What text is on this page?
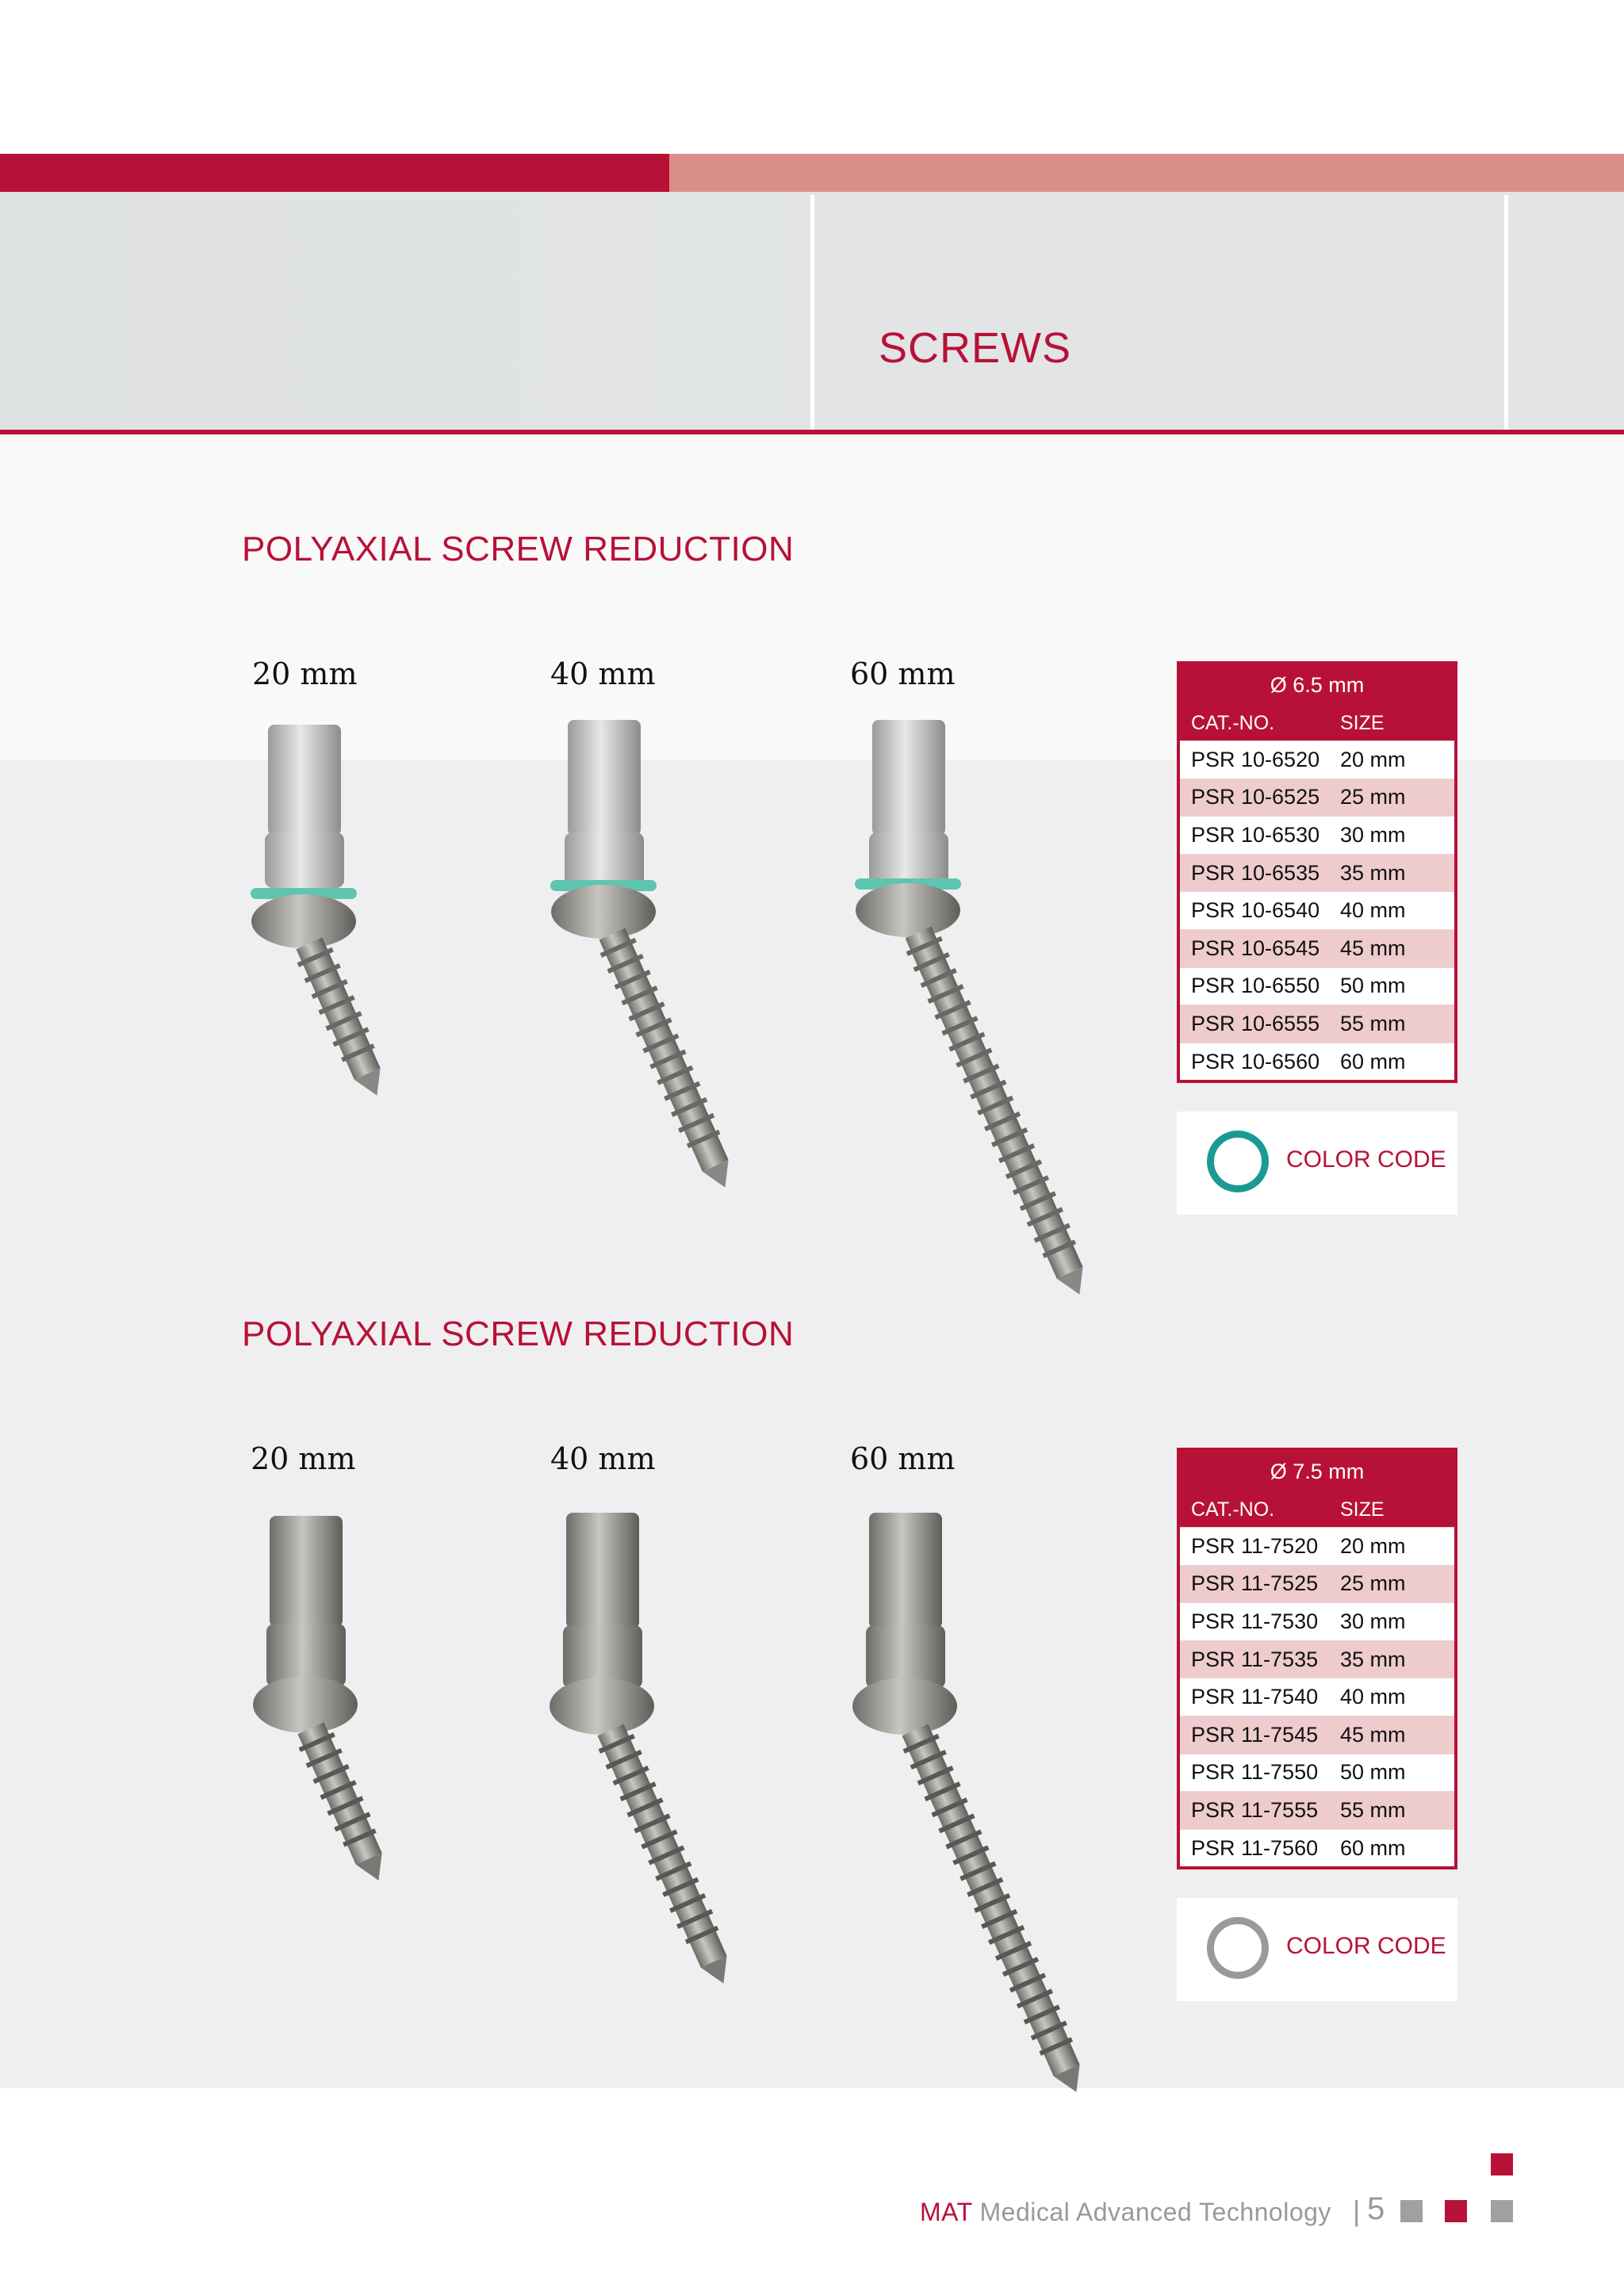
SCREWS
POLYAXIAL SCREW REDUCTION
20 mm	40 mm	60 mm	Ø 6.5 mm
CAT.-NO.	SIZE
PSR 10-6520 20 mm
PSR 10-6525 25 mm
PSR 10-6530 30 mm
PSR 10-6535 35 mm
PSR 10-6540 40 mm
PSR 10-6545 45 mm
PSR 10-6550 50 mm
PSR 10-6555 55 mm
PSR 10-6560 60 mm
COLOR CODE
POLYAXIAL SCREW REDUCTION
20 mm	40 mm	60 mm	Ø 7.5 mm
CAT.-NO.	SIZE
PSR 11-7520	20 mm
PSR 11-7525	25 mm
PSR 11-7530	30 mm
PSR 11-7535	35 mm
PSR 11-7540	40 mm
PSR 11-7545	45 mm
PSR 11-7550	50 mm
PSR 11-7555	55 mm
PSR 11-7560	60 mm
COLOR CODE
MAT Medical Advanced Technology | 5
